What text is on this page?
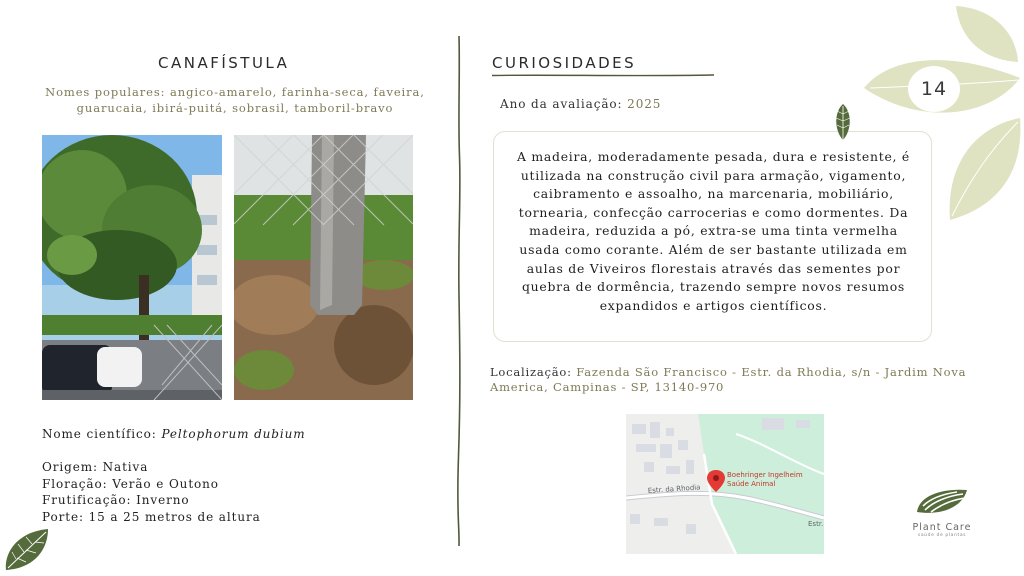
CANAFÍSTULA
Nomes populares: angico-amarelo, farinha-seca, faveira, guarucaia, ibirá-puitá, sobrasil, tamboril-bravo
Nome científico: Peltophorum dubium
Origem: Nativa
Floração: Verão e Outono
Frutificação: Inverno
Porte: 15 a 25 metros de altura
CURIOSIDADES
Ano da avaliação: 2025

A madeira, moderadamente pesada, dura e resistente, é utilizada na construção civil para armação, vigamento, caibramento e assoalho, na marcenaria, mobiliário, tornearia, confecção carrocerias e como dormentes. Da madeira, reduzida a pó, extra-se uma tinta vermelha usada como corante. Além de ser bastante utilizada em aulas de Viveiros florestais através das sementes por quebra de dormência, trazendo sempre novos resumos expandidos e artigos científicos.

Localização: Fazenda São Francisco - Estr. da Rhodia, s/n - Jardim Nova America, Campinas - SP, 13140-970
Estr. da Rhodia
Estr.
Boehringer Ingelheim
Saúde Animal
14
Plant Care
saúde de plantas
